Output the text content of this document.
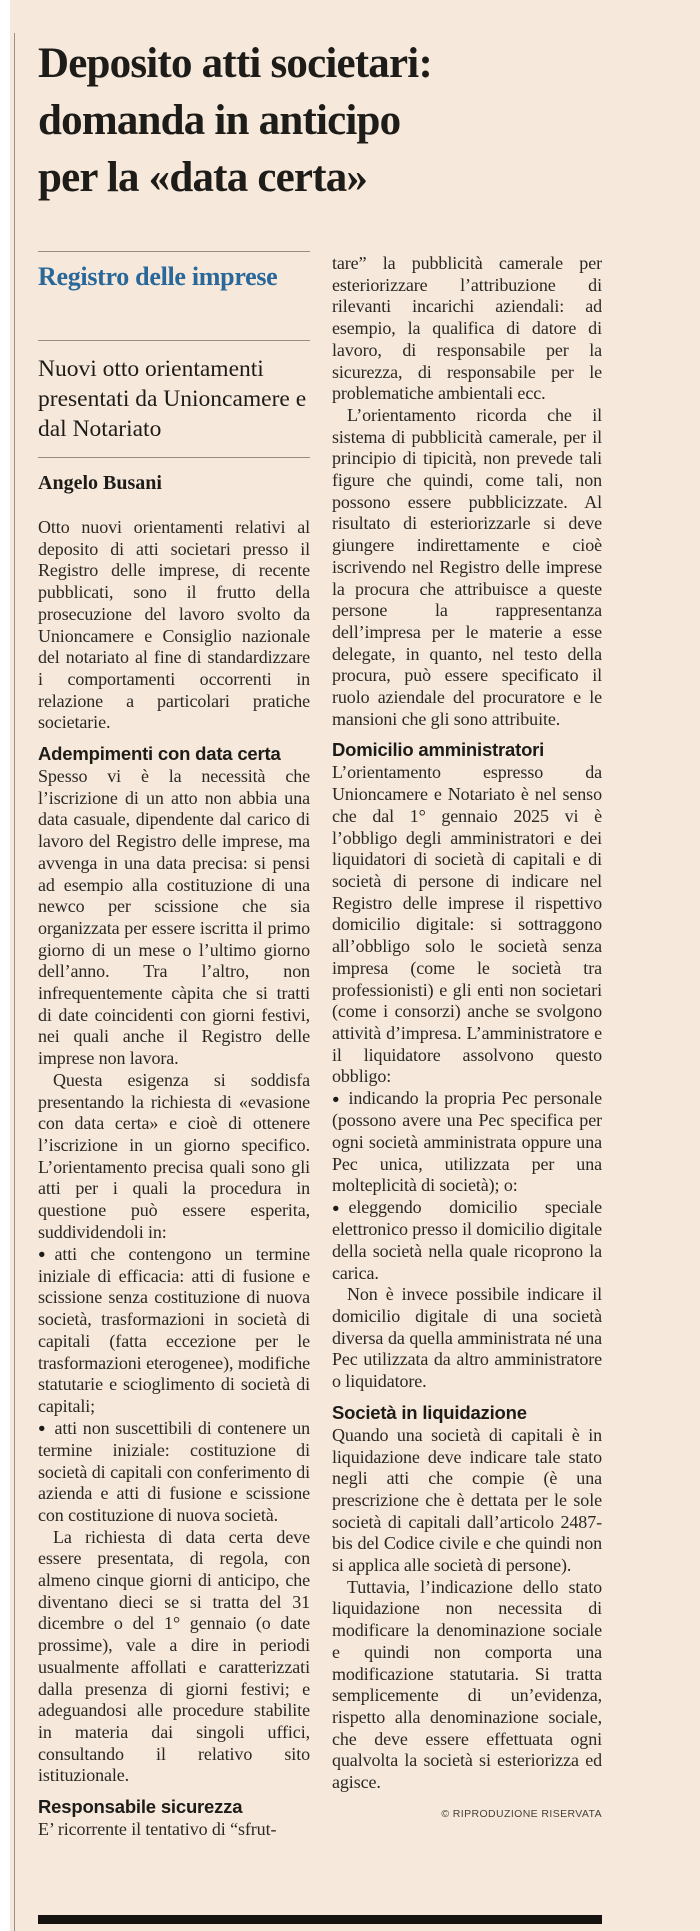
Deposito atti societari:
domanda in anticipo
per la «data certa»
Registro delle imprese
Nuovi otto orientamenti presentati da Unioncamere e dal Notariato
Angelo Busani

Otto nuovi orientamenti relativi al deposito di atti societari presso il Registro delle imprese, di recente pubblicati, sono il frutto della prosecuzione del lavoro svolto da Unioncamere e Consiglio nazionale del notariato al fine di standardizzare i comportamenti occorrenti in relazione a particolari pratiche societarie.

Adempimenti con data certa

Spesso vi è la necessità che l’iscrizione di un atto non abbia una data casuale, dipendente dal carico di lavoro del Registro delle imprese, ma avvenga in una data precisa: si pensi ad esempio alla costituzione di una newco per scissione che sia organizzata per essere iscritta il primo giorno di un mese o l’ultimo giorno dell’anno. Tra l’altro, non infrequentemente càpita che si tratti di date coincidenti con giorni festivi, nei quali anche il Registro delle imprese non lavora.

Questa esigenza si soddisfa presentando la richiesta di «evasione con data certa» e cioè di ottenere l’iscrizione in un giorno specifico. L’orientamento precisa quali sono gli atti per i quali la procedura in questione può essere esperita, suddividendoli in:

● atti che contengono un termine iniziale di efficacia: atti di fusione e scissione senza costituzione di nuova società, trasformazioni in società di capitali (fatta eccezione per le trasformazioni eterogenee), modifiche statutarie e scioglimento di società di capitali;

● atti non suscettibili di contenere un termine iniziale: costituzione di società di capitali con conferimento di azienda e atti di fusione e scissione con costituzione di nuova società.

La richiesta di data certa deve essere presentata, di regola, con almeno cinque giorni di anticipo, che diventano dieci se si tratta del 31 dicembre o del 1° gennaio (o date prossime), vale a dire in periodi usualmente affollati e caratterizzati dalla presenza di giorni festivi; e adeguandosi alle procedure stabilite in materia dai singoli uffici, consultando il relativo sito istituzionale.

Responsabile sicurezza

E’ ricorrente il tentativo di “sfrut-

tare” la pubblicità camerale per esteriorizzare l’attribuzione di rilevanti incarichi aziendali: ad esempio, la qualifica di datore di lavoro, di responsabile per la sicurezza, di responsabile per le problematiche ambientali ecc.

L’orientamento ricorda che il sistema di pubblicità camerale, per il principio di tipicità, non prevede tali figure che quindi, come tali, non possono essere pubblicizzate. Al risultato di esteriorizzarle si deve giungere indirettamente e cioè iscrivendo nel Registro delle imprese la procura che attribuisce a queste persone la rappresentanza dell’impresa per le materie a esse delegate, in quanto, nel testo della procura, può essere specificato il ruolo aziendale del procuratore e le mansioni che gli sono attribuite.

Domicilio amministratori

L’orientamento espresso da Unioncamere e Notariato è nel senso che dal 1° gennaio 2025 vi è l’obbligo degli amministratori e dei liquidatori di società di capitali e di società di persone di indicare nel Registro delle imprese il rispettivo domicilio digitale: si sottraggono all’obbligo solo le società senza impresa (come le società tra professionisti) e gli enti non societari (come i consorzi) anche se svolgono attività d’impresa. L’amministratore e il liquidatore assolvono questo obbligo:

● indicando la propria Pec personale (possono avere una Pec specifica per ogni società amministrata oppure una Pec unica, utilizzata per una molteplicità di società); o:

● eleggendo domicilio speciale elettronico presso il domicilio digitale della società nella quale ricoprono la carica.

Non è invece possibile indicare il domicilio digitale di una società diversa da quella amministrata né una Pec utilizzata da altro amministratore o liquidatore.

Società in liquidazione

Quando una società di capitali è in liquidazione deve indicare tale stato negli atti che compie (è una prescrizione che è dettata per le sole società di capitali dall’articolo 2487-bis del Codice civile e che quindi non si applica alle società di persone).

Tuttavia, l’indicazione dello stato liquidazione non necessita di modificare la denominazione sociale e quindi non comporta una modificazione statutaria. Si tratta semplicemente di un’evidenza, rispetto alla denominazione sociale, che deve essere effettuata ogni qualvolta la società si esteriorizza ed agisce.

© RIPRODUZIONE RISERVATA
